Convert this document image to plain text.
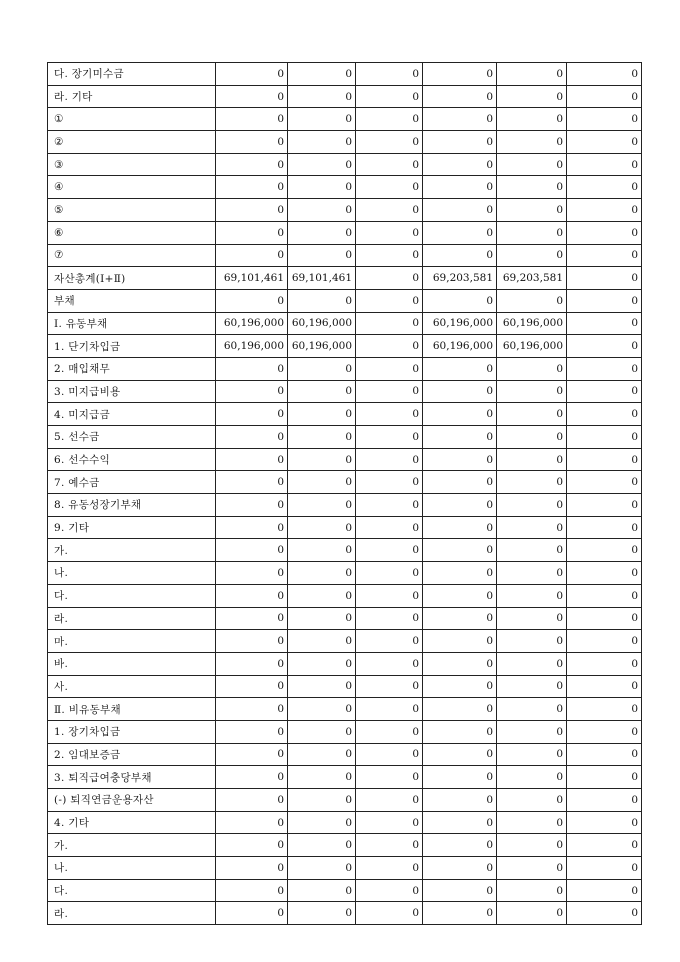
다. 장기미수금	0	0	0	0	0	0
라. 기타	0	0	0	0	0	0
①	0	0	0	0	0	0
②	0	0	0	0	0	0
③	0	0	0	0	0	0
④	0	0	0	0	0	0
⑤	0	0	0	0	0	0
⑥	0	0	0	0	0	0
⑦	0	0	0	0	0	0
자산총계(Ⅰ+Ⅱ)	69,101,461	69,101,461	0	69,203,581	69,203,581	0
부채	0	0	0	0	0	0
Ⅰ. 유동부채	60,196,000	60,196,000	0	60,196,000	60,196,000	0
1. 단기차입금	60,196,000	60,196,000	0	60,196,000	60,196,000	0
2. 매입채무	0	0	0	0	0	0
3. 미지급비용	0	0	0	0	0	0
4. 미지급금	0	0	0	0	0	0
5. 선수금	0	0	0	0	0	0
6. 선수수익	0	0	0	0	0	0
7. 예수금	0	0	0	0	0	0
8. 유동성장기부채	0	0	0	0	0	0
9. 기타	0	0	0	0	0	0
가.	0	0	0	0	0	0
나.	0	0	0	0	0	0
다.	0	0	0	0	0	0
라.	0	0	0	0	0	0
마.	0	0	0	0	0	0
바.	0	0	0	0	0	0
사.	0	0	0	0	0	0
Ⅱ. 비유동부채	0	0	0	0	0	0
1. 장기차입금	0	0	0	0	0	0
2. 임대보증금	0	0	0	0	0	0
3. 퇴직급여충당부채	0	0	0	0	0	0
(-) 퇴직연금운용자산	0	0	0	0	0	0
4. 기타	0	0	0	0	0	0
가.	0	0	0	0	0	0
나.	0	0	0	0	0	0
다.	0	0	0	0	0	0
라.	0	0	0	0	0	0
